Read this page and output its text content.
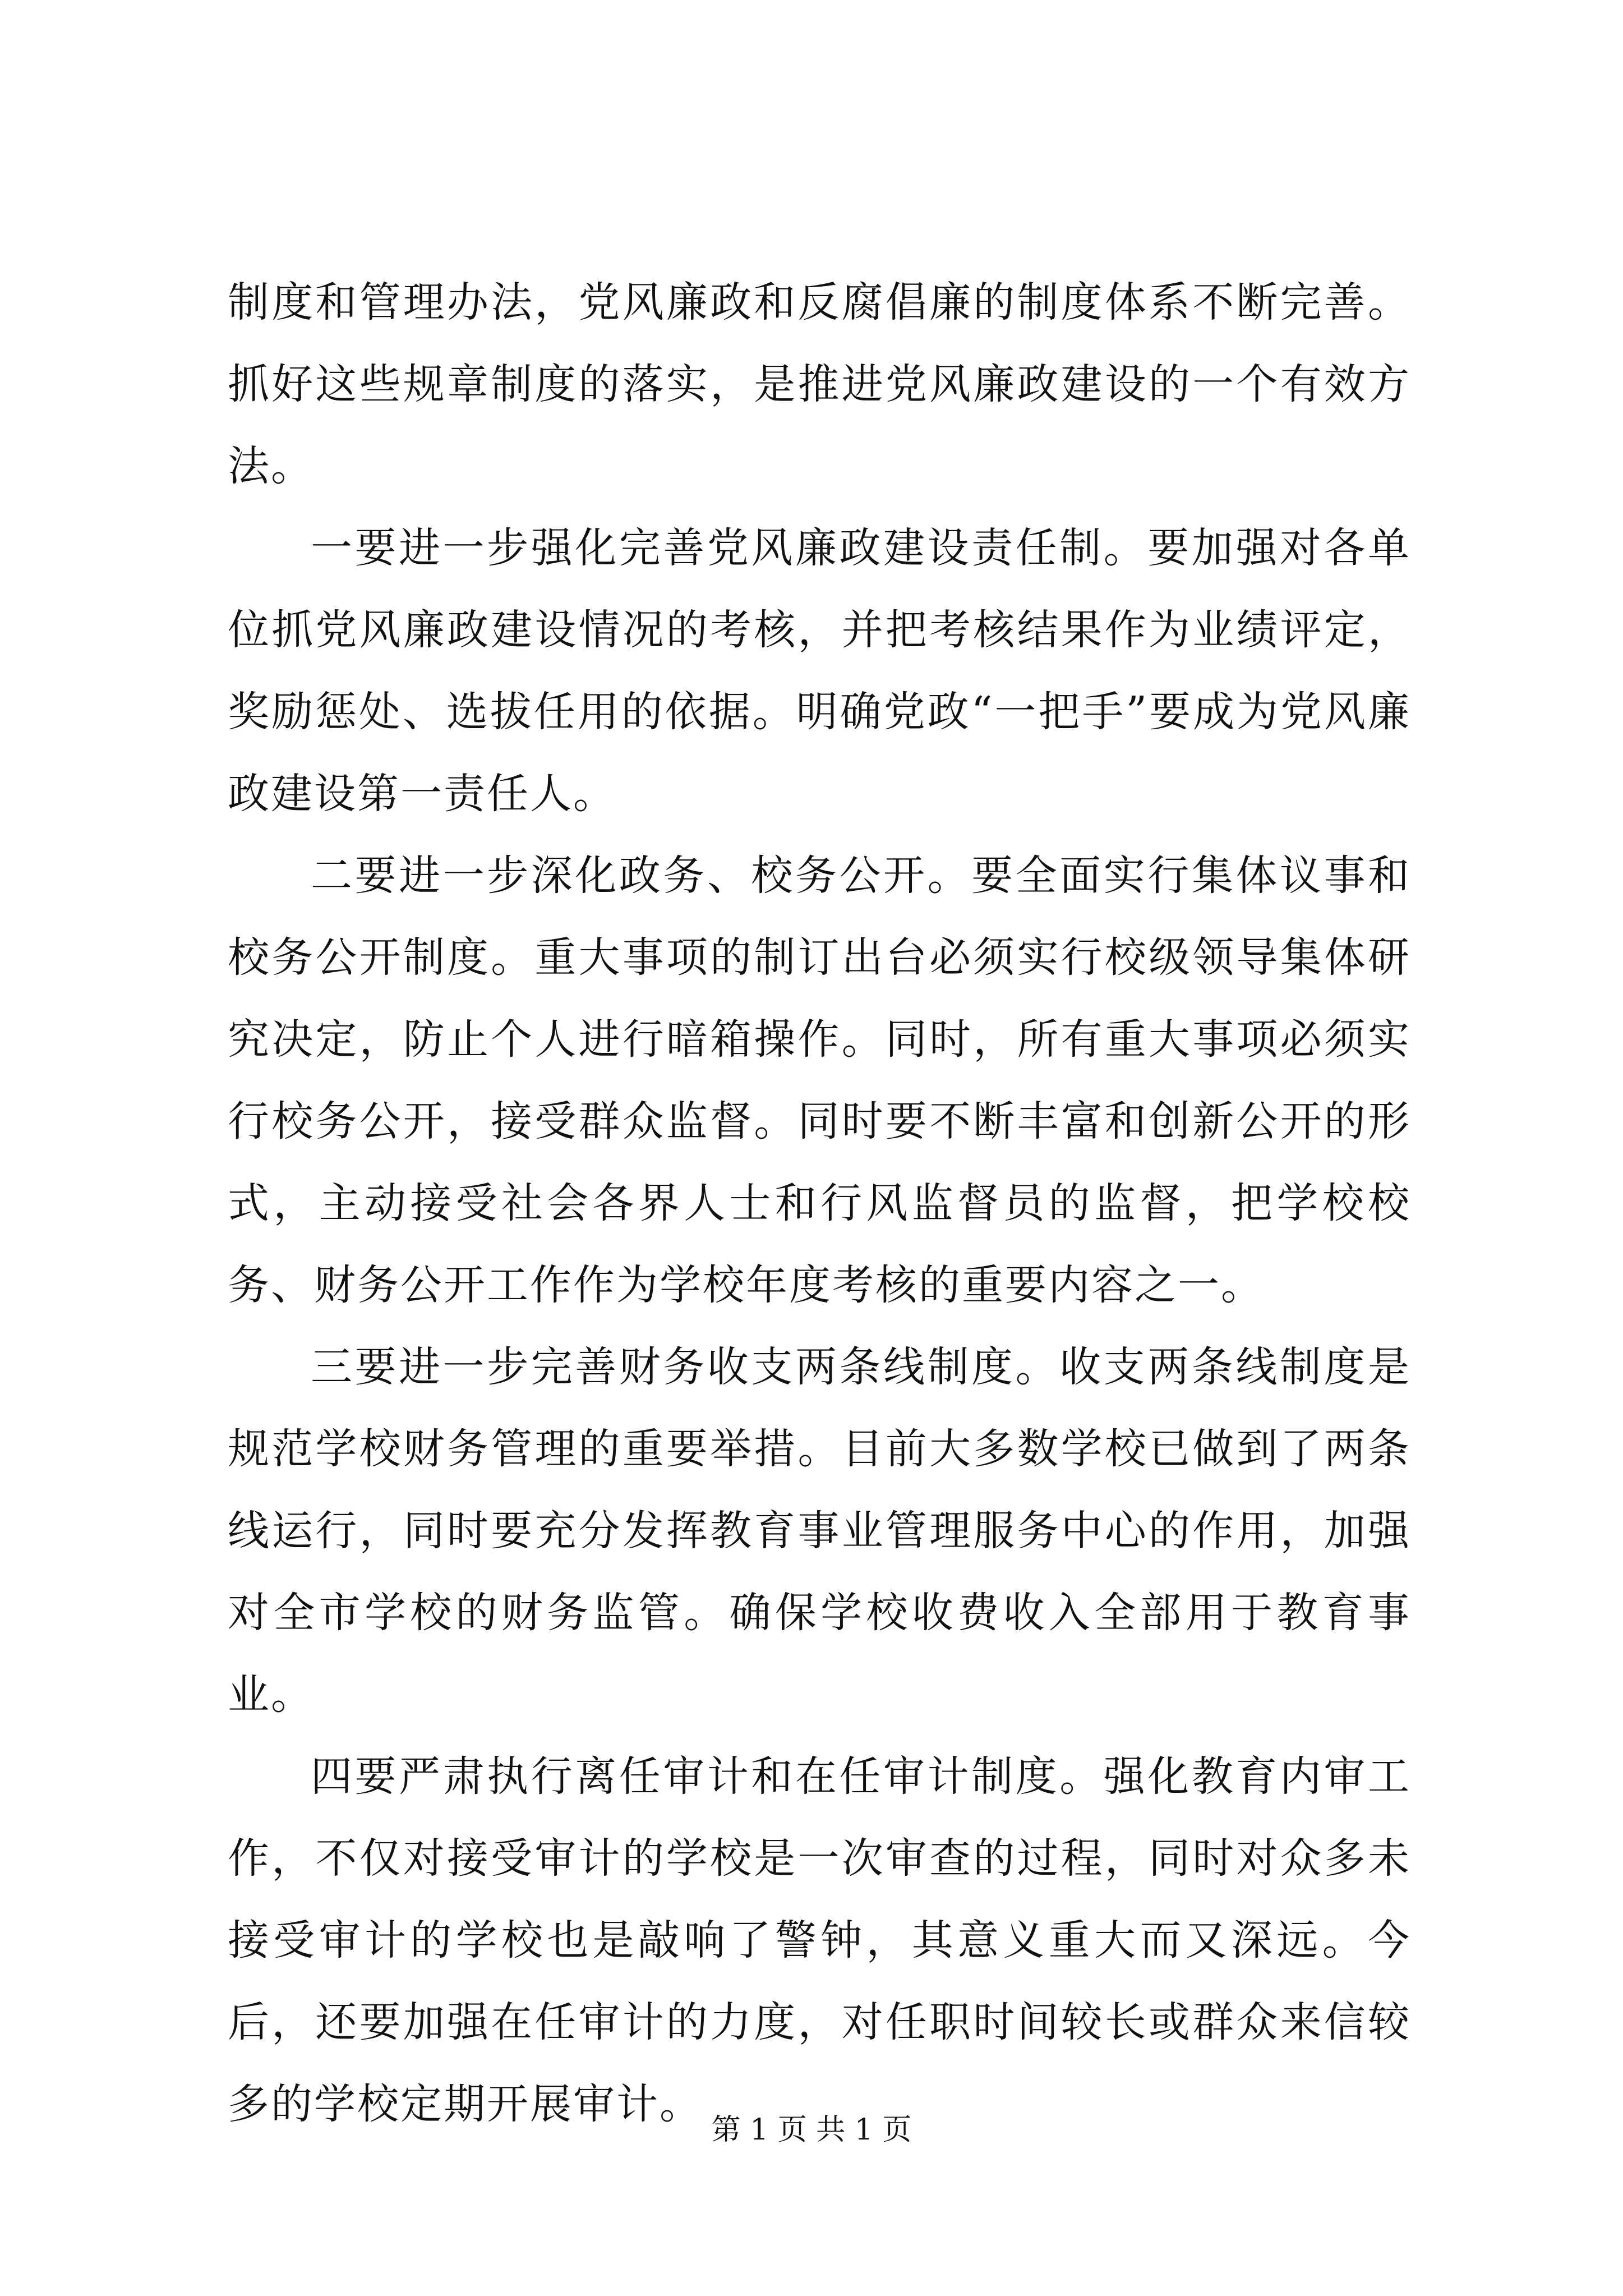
制度和管理办法，党风廉政和反腐倡廉的制度体系不断完善。抓好这些规章制度的落实，是推进党风廉政建设的一个有效方法。

一要进一步强化完善党风廉政建设责任制。要加强对各单位抓党风廉政建设情况的考核，并把考核结果作为业绩评定，奖励惩处、选拔任用的依据。明确党政“一把手”要成为党风廉政建设第一责任人。

二要进一步深化政务、校务公开。要全面实行集体议事和校务公开制度。重大事项的制订出台必须实行校级领导集体研究决定，防止个人进行暗箱操作。同时，所有重大事项必须实行校务公开，接受群众监督。同时要不断丰富和创新公开的形式，主动接受社会各界人士和行风监督员的监督，把学校校务、财务公开工作作为学校年度考核的重要内容之一。

三要进一步完善财务收支两条线制度。收支两条线制度是规范学校财务管理的重要举措。目前大多数学校已做到了两条线运行，同时要充分发挥教育事业管理服务中心的作用，加强对全市学校的财务监管。确保学校收费收入全部用于教育事业。

四要严肃执行离任审计和在任审计制度。强化教育内审工作，不仅对接受审计的学校是一次审查的过程，同时对众多未接受审计的学校也是敲响了警钟，其意义重大而又深远。今后，还要加强在任审计的力度，对任职时间较长或群众来信较多的学校定期开展审计。

第 1 页 共 1 页
